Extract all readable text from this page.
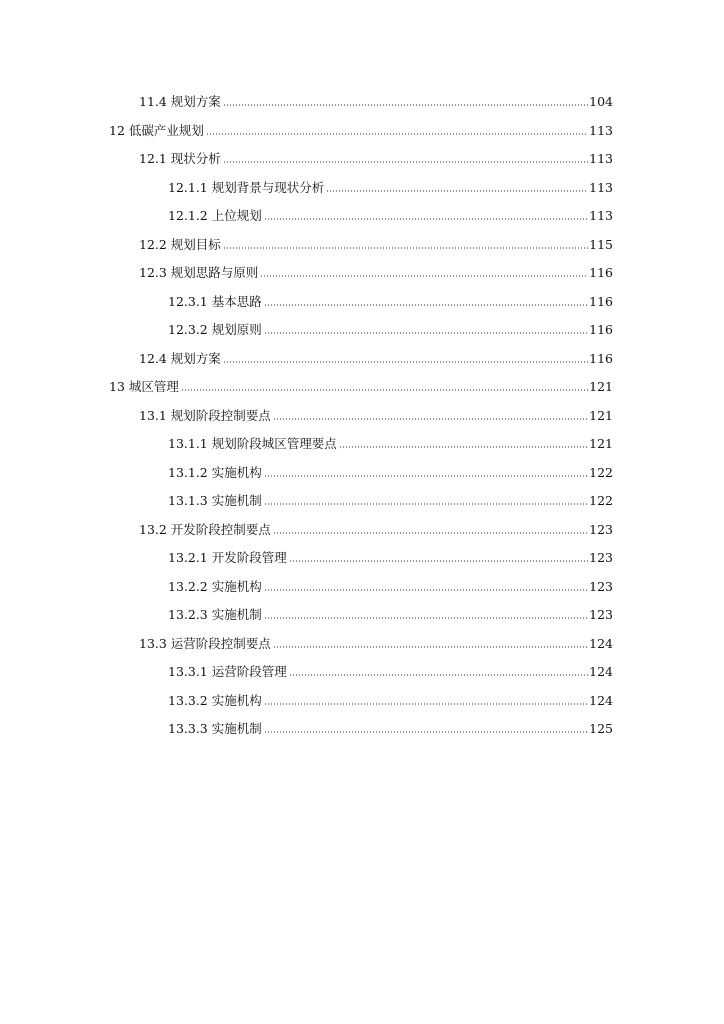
11.4 规划方案	104
12 低碳产业规划	113
12.1 现状分析	113
12.1.1 规划背景与现状分析	113
12.1.2 上位规划	113
12.2 规划目标	115
12.3 规划思路与原则	116
12.3.1 基本思路	116
12.3.2 规划原则	116
12.4 规划方案	116
13 城区管理	121
13.1 规划阶段控制要点	121
13.1.1 规划阶段城区管理要点	121
13.1.2 实施机构	122
13.1.3 实施机制	122
13.2 开发阶段控制要点	123
13.2.1 开发阶段管理	123
13.2.2 实施机构	123
13.2.3 实施机制	123
13.3 运营阶段控制要点	124
13.3.1 运营阶段管理	124
13.3.2 实施机构	124
13.3.3 实施机制	125
